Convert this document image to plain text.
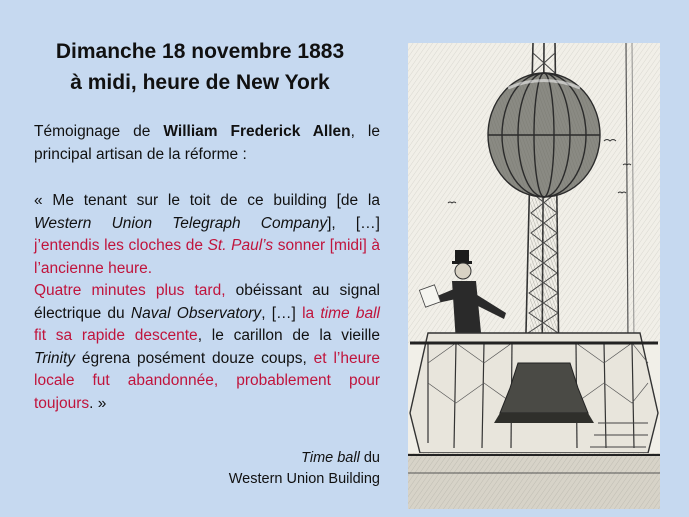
Dimanche 18 novembre 1883
à midi, heure de New York
Témoignage de William Frederick Allen, le principal artisan de la réforme :
« Me tenant sur le toit de ce building [de la Western Union Telegraph Company], […] j’entendis les cloches de St. Paul’s sonner [midi] à l’ancienne heure.
Quatre minutes plus tard, obéissant au signal électrique du Naval Observatory, […] la time ball fit sa rapide descente, le carillon de la vieille Trinity égrena posément douze coups, et l’heure locale fut abandonnée, probablement pour toujours. »
Time ball du
Western Union Building
